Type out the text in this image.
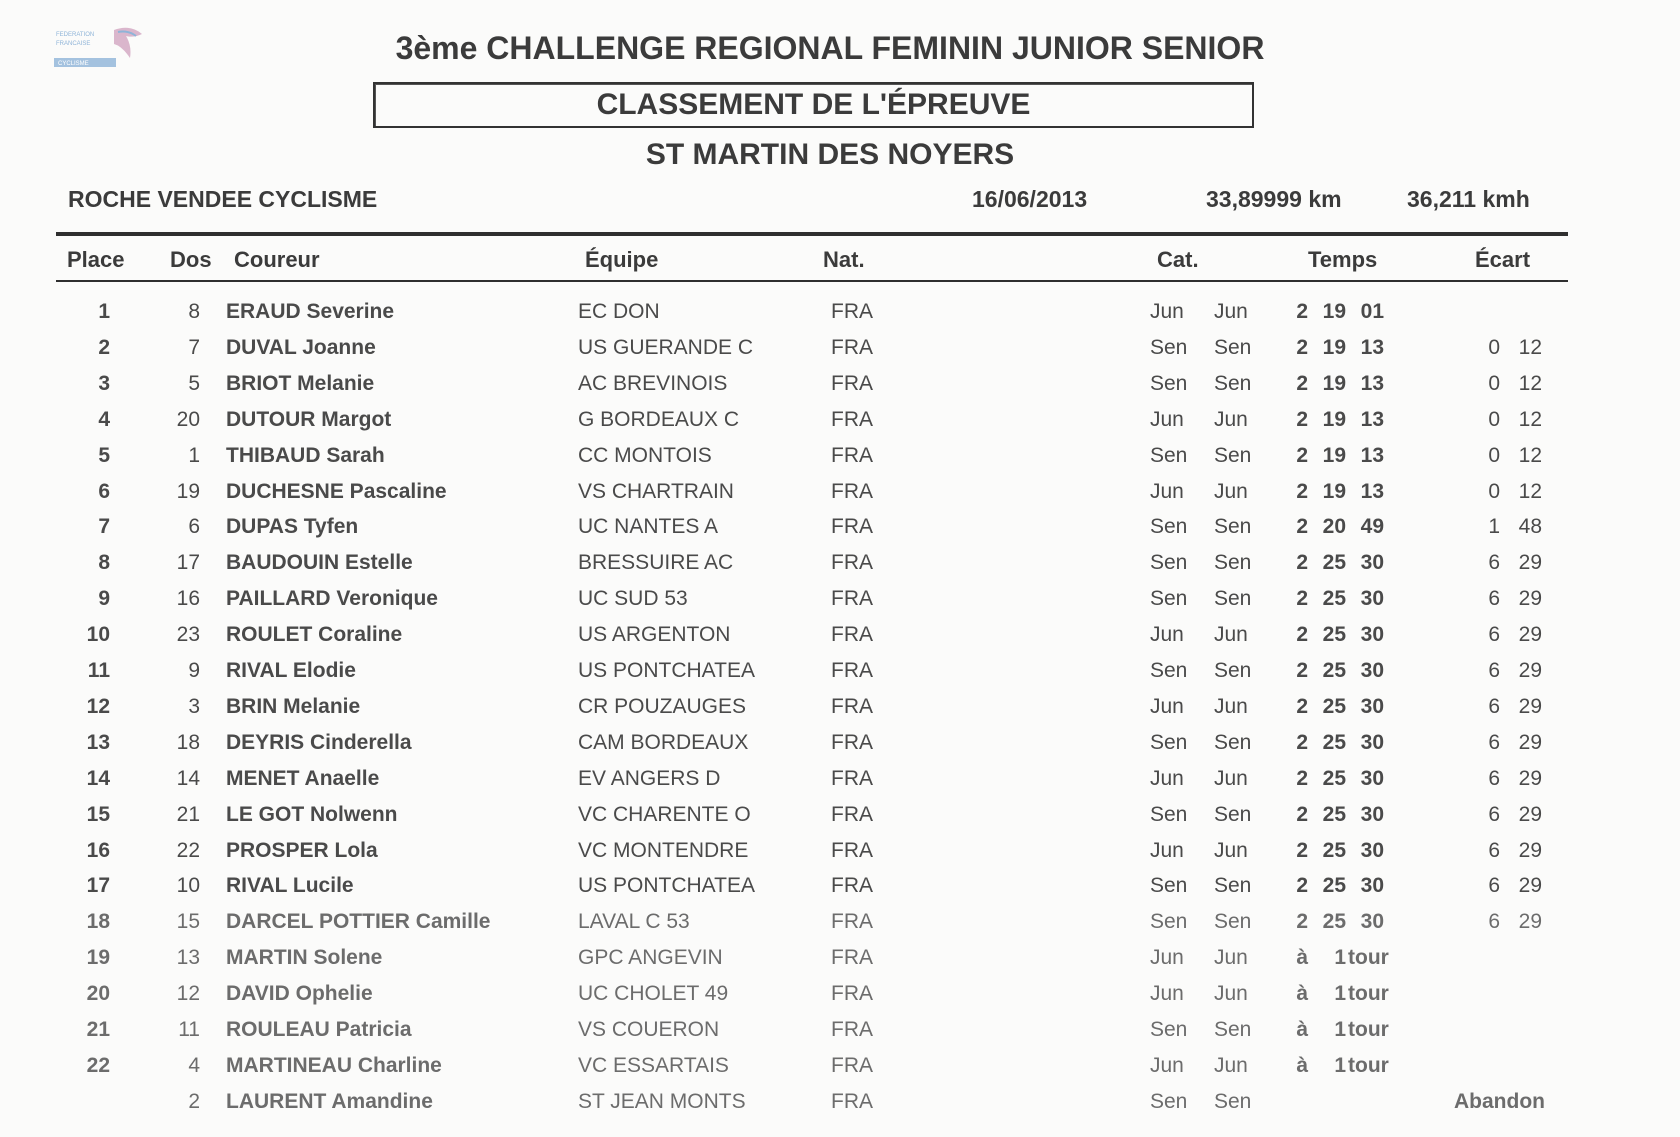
FEDERATION
FRANCAISE
CYCLISME	3ème CHALLENGE REGIONAL FEMININ JUNIOR SENIOR
CLASSEMENT DE L'ÉPREUVE
ST MARTIN DES NOYERS
ROCHE VENDEE CYCLISME	16/06/2013	33,89999 km	36,211 kmh
Place Dos Coureur	Équipe	Nat.	Cat.	Temps	Écart
1	8 ERAUD Severine	EC DON	FRA	Jun Jun	2 19 01
2	7 DUVAL Joanne	US GUERANDE C	FRA	Sen Sen	2 19 13	0 12
3	5 BRIOT Melanie	AC BREVINOIS	FRA	Sen Sen	2 19 13	0 12
4	20 DUTOUR Margot	G BORDEAUX C	FRA	Jun Jun	2 19 13	0 12
5	1 THIBAUD Sarah	CC MONTOIS	FRA	Sen Sen	2 19 13	0 12
6	19 DUCHESNE Pascaline	VS CHARTRAIN	FRA	Jun Jun	2 19 13	0 12
7	6 DUPAS Tyfen	UC NANTES A	FRA	Sen Sen	2 20 49	1 48
8	17 BAUDOUIN Estelle	BRESSUIRE AC	FRA	Sen Sen	2 25 30	6 29
9	16 PAILLARD Veronique	UC SUD 53	FRA	Sen Sen	2 25 30	6 29
10	23 ROULET Coraline	US ARGENTON	FRA	Jun Jun	2 25 30	6 29
11	9 RIVAL Elodie	US PONTCHATEA	FRA	Sen Sen	2 25 30	6 29
12	3 BRIN Melanie	CR POUZAUGES	FRA	Jun Jun	2 25 30	6 29
13	18 DEYRIS Cinderella	CAM BORDEAUX	FRA	Sen Sen	2 25 30	6 29
14	14 MENET Anaelle	EV ANGERS D	FRA	Jun Jun	2 25 30	6 29
15	21 LE GOT Nolwenn	VC CHARENTE O	FRA	Sen Sen	2 25 30	6 29
16	22 PROSPER Lola	VC MONTENDRE	FRA	Jun Jun	2 25 30	6 29
17	10 RIVAL Lucile	US PONTCHATEA	FRA	Sen Sen	2 25 30	6 29
18	15 DARCEL POTTIER Camille	LAVAL C 53	FRA	Sen Sen	2 25 30	6 29
19	13 MARTIN Solene	GPC ANGEVIN	FRA	Jun Jun	à	1 tour
20	12 DAVID Ophelie	UC CHOLET 49	FRA	Jun Jun	à	1 tour
21	11 ROULEAU Patricia	VS COUERON	FRA	Sen Sen	à	1 tour
22	4 MARTINEAU Charline	VC ESSARTAIS	FRA	Jun Jun	à	1 tour
2 LAURENT Amandine	ST JEAN MONTS	FRA	Sen Sen	Abandon
